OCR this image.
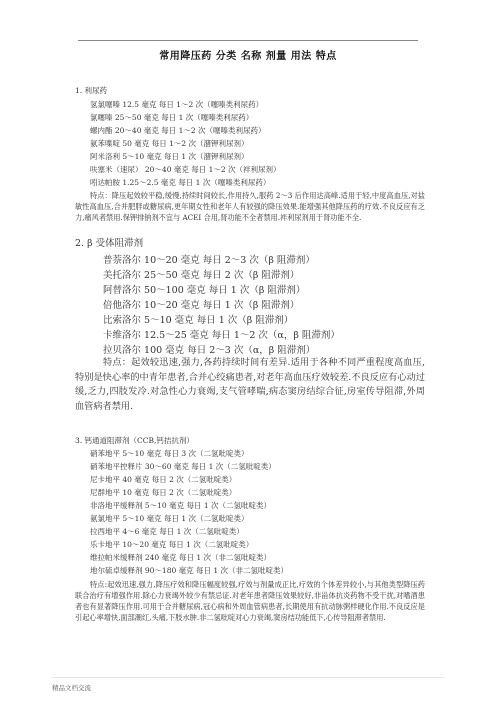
常用降压药 分类 名称 剂量 用法 特点
1. 利尿药
氢氯噻嗪 12.5 毫克 每日 1～2 次（噻嗪类利尿药）
氯噻嗪 25～50 毫克 每日 1 次（噻嗪类利尿药）
螺内酯 20～40 毫克 每日 1～2 次（噻嗪类利尿药）
氨苯喋啶 50 毫克 每日 1～2 次（潴钾利尿剂）
阿米洛利 5～10 毫克 每日 1 次（潴钾利尿剂）
呋塞米（速尿） 20～40 毫克 每日 1～2 次（袢利尿剂）
吲达帕胺 1.25～2.5 毫克 每日 1 次（噻嗪类利尿药）

特点：降压起效较平稳,缓慢,持续时间较长,作用持久,服药 2～3 后作用达高峰.适用于轻,中度高血压,对盐敏性高血压,合并肥胖或糖尿病,更年期女性和老年人有较强的降压效果.能增强其他降压药的疗效.不良反应有乏力,痛风者禁用.保钾排钠剂不宜与 ACEI 合用,肾功能不全者禁用.袢利尿剂用于肾功能不全.

2. β 受体阻滞剂
普萘洛尔 10～20 毫克 每日 2～3 次（β 阻滞剂）
美托洛尔 25～50 毫克 每日 2 次（β 阻滞剂）
阿替洛尔 50～100 毫克 每日 1 次（β 阻滞剂）
倍他洛尔 10～20 毫克 每日 1 次（β 阻滞剂）
比索洛尔 5～10 毫克 每日 1 次（β 阻滞剂）
卡维洛尔 12.5～25 毫克 每日 1～2 次（α，β 阻滞剂）
拉贝洛尔 100 毫克 每日 2～3 次（α，β 阻滞剂）

特点：起效较迅速,强力,各药持续时间有差异.适用于各种不同严重程度高血压,特别是快心率的中青年患者,合并心绞痛患者,对老年高血压疗效较差.不良反应有心动过缓,乏力,四肢发冷.对急性心力衰竭,支气管哮喘,病态窦房结综合征,房室传导阻滞,外周血管病者禁用.

3. 钙通道阻滞剂（CCB,钙拮抗剂）
硝苯地平 5～10 毫克 每日 3 次（二氢吡啶类）
硝苯地平控释片 30～60 毫克 每日 1 次（二氢吡啶类）
尼卡地平 40 毫克 每日 2 次（二氢吡啶类）
尼群地平 10 毫克 每日 2 次（二氢吡啶类）
非洛地平缓释剂 5～10 毫克 每日 1 次（二氢吡啶类）
氨氯地平 5～10 毫克 每日 1 次（二氢吡啶类）
拉西地平 4～6 毫克 每日 1 次（二氢吡啶类）
乐卡地平 10～20 毫克 每日 1 次（二氢吡啶类）
维拉帕米缓释剂 240 毫克 每日 1 次（非二氢吡啶类）
地尔硫卓缓释剂 90～180 毫克 每日 1 次（非二氢吡啶类）

特点:起效迅速,强力,降压疗效和降压幅度较强,疗效与剂量成正比,疗效的个体差异较小,与其他类型降压药联合治疗有增强作用.除心力衰竭外较少有禁忌证.对老年患者降压效果较好,非甾体抗炎药物不受干扰,对嗜酒患者也有显著降压作用.可用于合并糖尿病,冠心病和外周血管病患者,长期使用有抗动脉粥样硬化作用.不良反应是引起心率增快,面部潮红,头痛,下肢水肿.非二氢吡啶对心力衰竭,窦房结功能低下,心传导阻滞者禁用.

精品文档交流
